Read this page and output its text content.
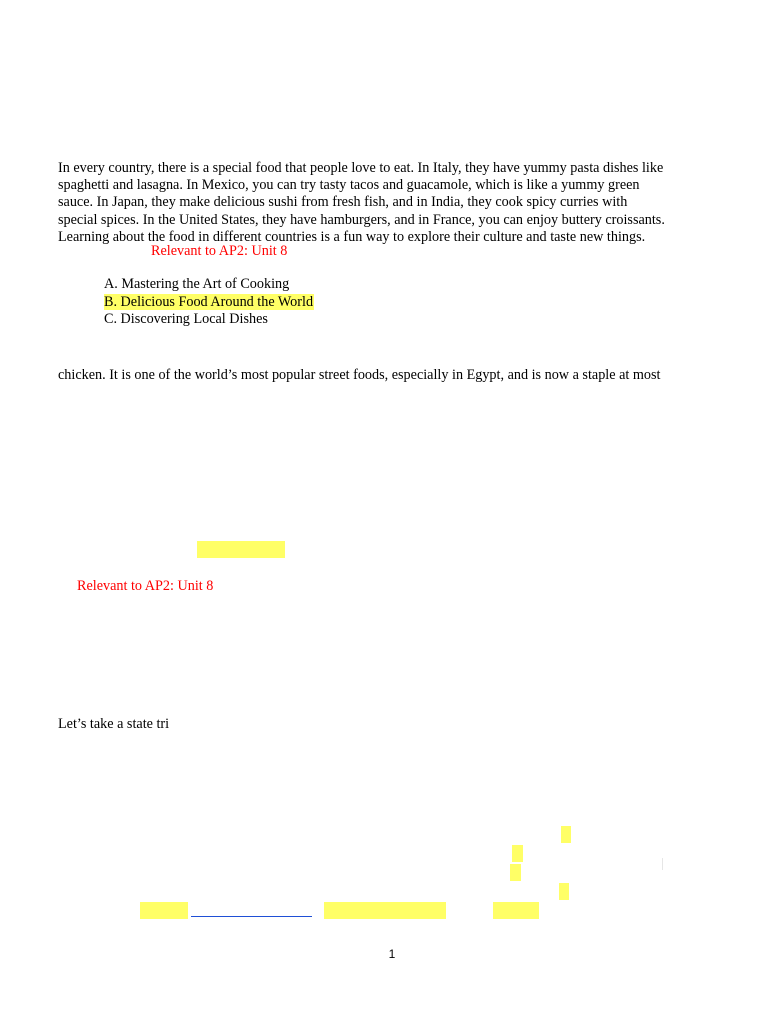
In every country, there is a special food that people love to eat. In Italy, they have yummy pasta dishes like
spaghetti and lasagna. In Mexico, you can try tasty tacos and guacamole, which is like a yummy green
sauce. In Japan, they make delicious sushi from fresh fish, and in India, they cook spicy curries with
special spices. In the United States, they have hamburgers, and in France, you can enjoy buttery croissants.
Learning about the food in different countries is a fun way to explore their culture and taste new things.
Relevant to AP2: Unit 8
A. Mastering the Art of Cooking
B. Delicious Food Around the World
C. Discovering Local Dishes
chicken. It is one of the world’s most popular street foods, especially in Egypt, and is now a staple at most
Relevant to AP2: Unit 8
Let’s take a state tri
1
